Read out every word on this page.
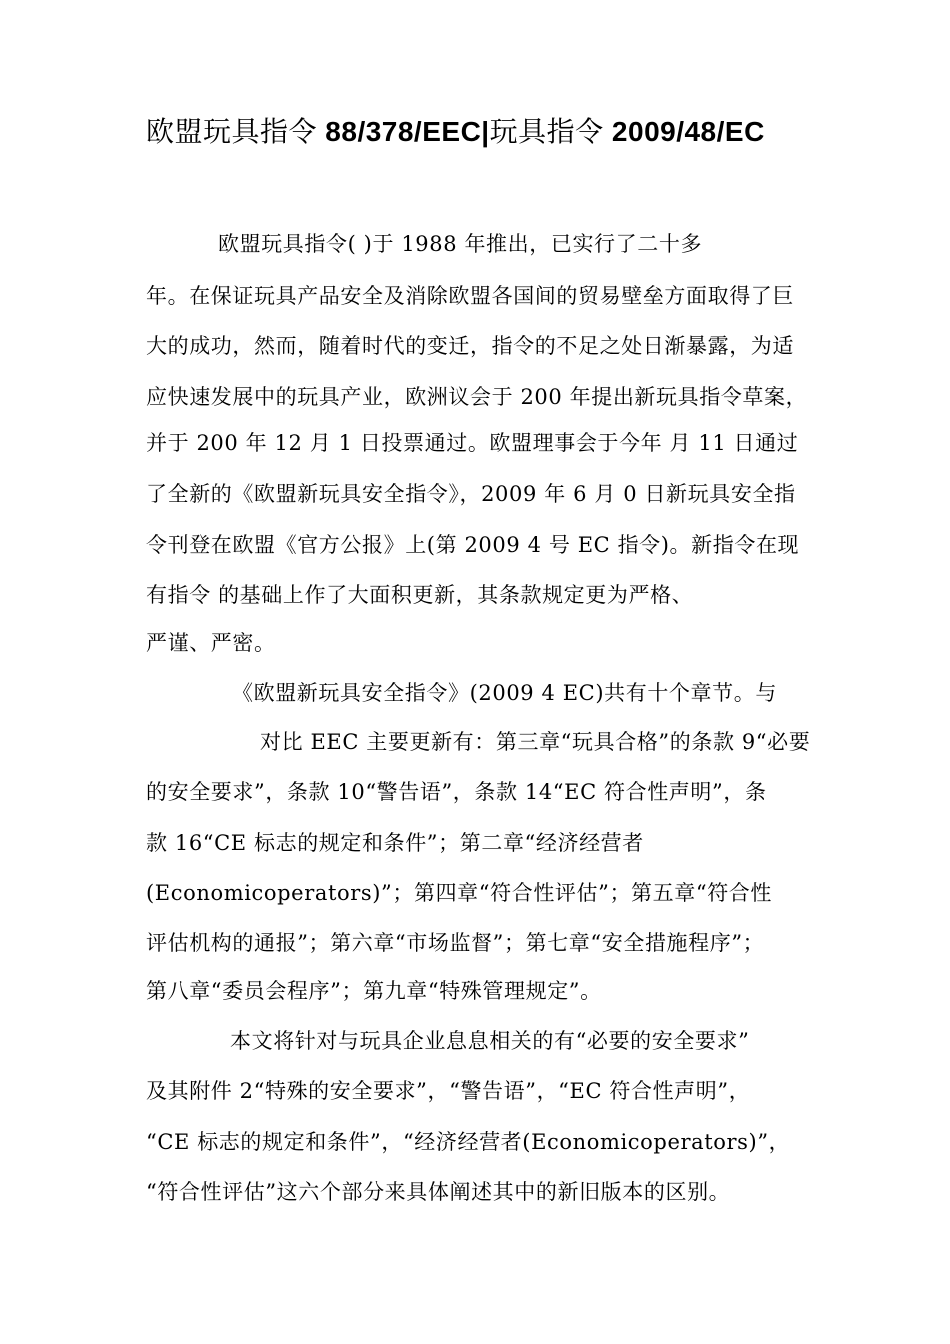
欧盟玩具指令 88/378/EEC|玩具指令 2009/48/EC
欧盟玩具指令( )于 1988 年推出，已实行了二十多
年。在保证玩具产品安全及消除欧盟各国间的贸易壁垒方面取得了巨
大的成功，然而，随着时代的变迁，指令的不足之处日渐暴露，为适
应快速发展中的玩具产业，欧洲议会于 200 年提出新玩具指令草案，
并于 200 年 12 月 1 日投票通过。欧盟理事会于今年 月 11 日通过
了全新的《欧盟新玩具安全指令》，2009 年 6 月 0 日新玩具安全指
令刊登在欧盟《官方公报》上(第 2009 4 号 EC 指令)。新指令在现
有指令 的基础上作了大面积更新，其条款规定更为严格、
严谨、严密。
《欧盟新玩具安全指令》(2009 4 EC)共有十个章节。与
对比 EEC 主要更新有：第三章“玩具合格”的条款 9“必要
的安全要求”，条款 10“警告语”，条款 14“EC 符合性声明”，条
款 16“CE 标志的规定和条件”；第二章“经济经营者
(Economicoperators)”；第四章“符合性评估”；第五章“符合性
评估机构的通报”；第六章“市场监督”；第七章“安全措施程序”；
第八章“委员会程序”；第九章“特殊管理规定”。
本文将针对与玩具企业息息相关的有“必要的安全要求”
及其附件 2“特殊的安全要求”，“警告语”，“EC 符合性声明”，
“CE 标志的规定和条件”，“经济经营者(Economicoperators)”，
“符合性评估”这六个部分来具体阐述其中的新旧版本的区别。
